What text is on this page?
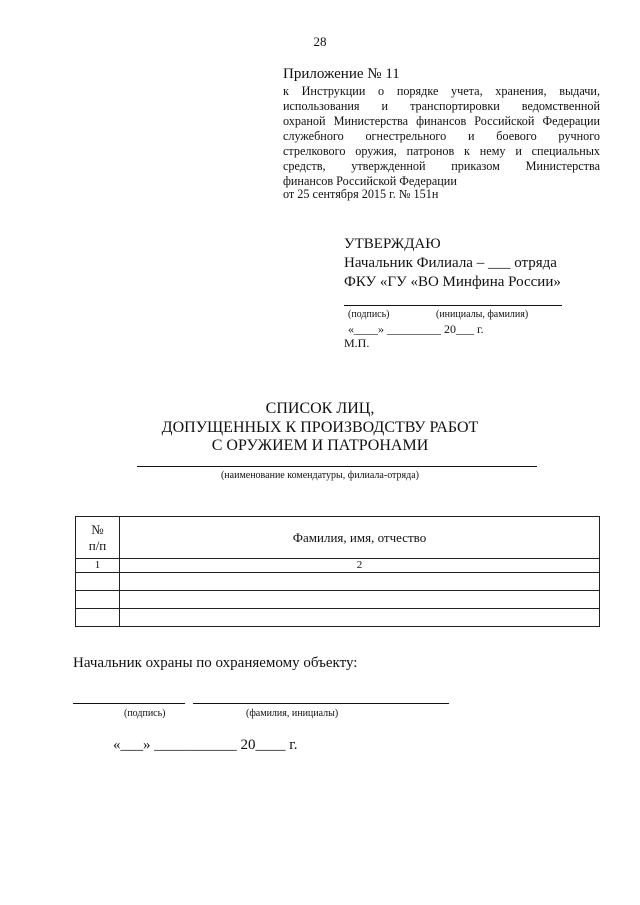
28
Приложение № 11
к Инструкции о порядке учета, хранения, выдачи,
использования и транспортировки ведомственной
охраной Министерства финансов Российской Федерации
служебного огнестрельного и боевого ручного
стрелкового оружия, патронов к нему и специальных
средств, утвержденной приказом Министерства
финансов Российской Федерации
от 25 сентября 2015 г. № 151н
УТВЕРЖДАЮ
Начальник Филиала – ___ отряда
ФКУ «ГУ «ВО Минфина России»
(подпись)	(инициалы, фамилия)
«____» _________ 20___ г.
М.П.
СПИСОК ЛИЦ,
ДОПУЩЕННЫХ К ПРОИЗВОДСТВУ РАБОТ
С ОРУЖИЕМ И ПАТРОНАМИ
(наименование комендатуры, филиала-отряда)
№
п/п	Фамилия, имя, отчество
1	2

Начальник охраны по охраняемому объекту:
(подпись)	(фамилия, инициалы)
«___» ___________ 20____ г.
